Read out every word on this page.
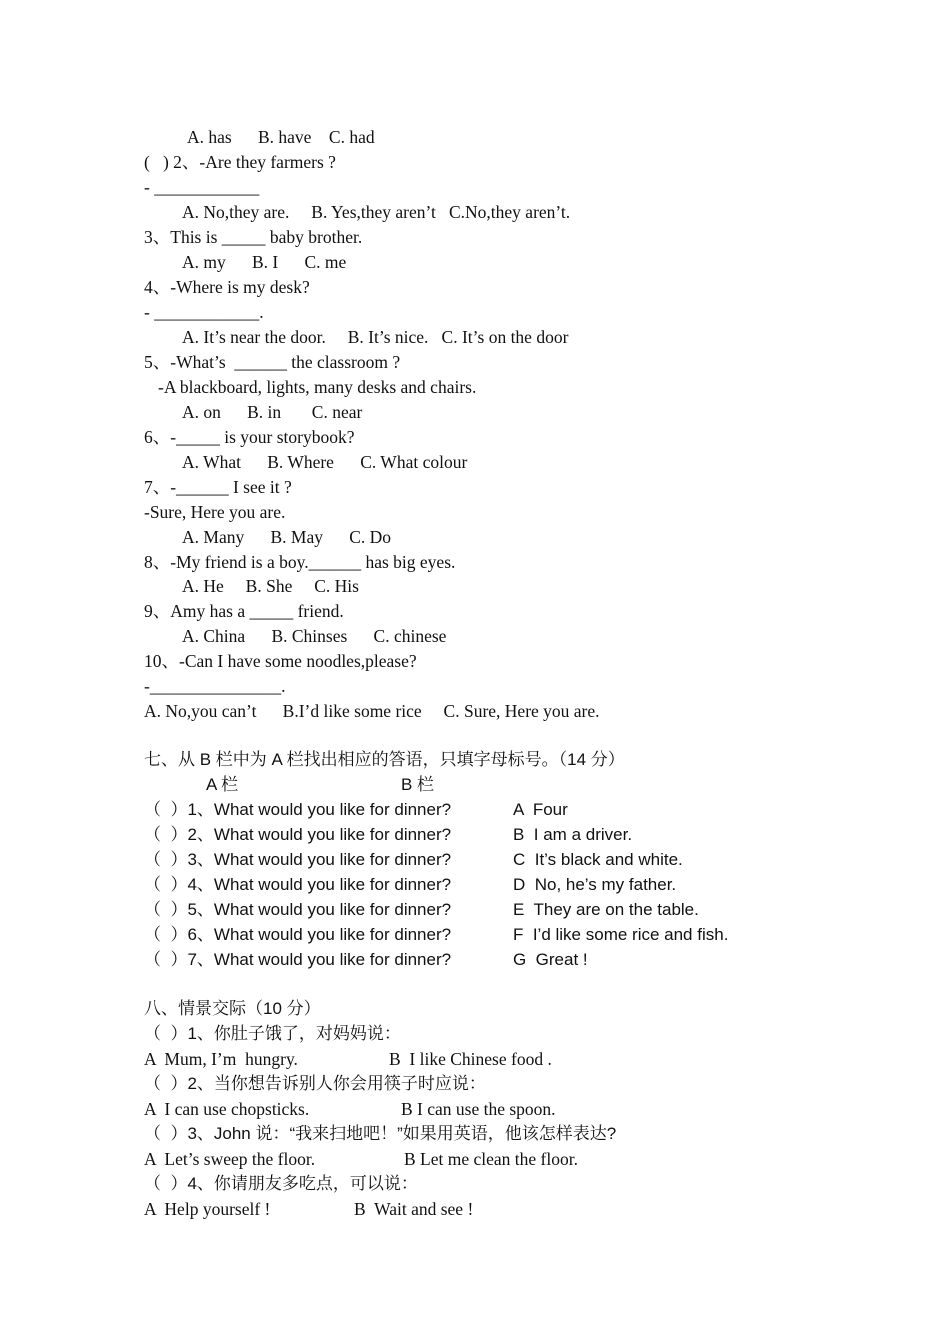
A. has      B. have    C. had
(   ) 2、-Are they farmers ?
- ____________
A. No,they are.     B. Yes,they aren’t   C.No,they aren’t.
3、This is _____ baby brother.
A. my      B. I      C. me
4、-Where is my desk?
- ____________.
A. It’s near the door.     B. It’s nice.   C. It’s on the door
5、-What’s  ______ the classroom ?
-A blackboard, lights, many desks and chairs.
A. on      B. in       C. near
6、-_____ is your storybook?
A. What      B. Where      C. What colour
7、-______ I see it ?
-Sure, Here you are.
A. Many      B. May      C. Do
8、-My friend is a boy.______ has big eyes.
A. He     B. She     C. His
9、Amy has a _____ friend.
A. China      B. Chinses      C. chinese
10、-Can I have some noodles,please?
-_______________.
A. No,you can’t      B.I’d like some rice     C. Sure, Here you are.
七、从 B 栏中为 A 栏找出相应的答语，只填字母标号。（14 分）
A 栏	B 栏
（  ）1、What would you like for dinner?	A  Four
（  ）2、What would you like for dinner?	B  I am a driver.
（  ）3、What would you like for dinner?	C  It’s black and white.
（  ）4、What would you like for dinner?	D  No, he’s my father.
（  ）5、What would you like for dinner?	E  They are on the table.
（  ）6、What would you like for dinner?	F  I’d like some rice and fish.
（  ）7、What would you like for dinner?	G  Great !
八、情景交际（10 分）
（  ）1、你肚子饿了，对妈妈说：
A  Mum, I’m  hungry.	B  I like Chinese food .
（  ）2、当你想告诉别人你会用筷子时应说：
A  I can use chopsticks.	B I can use the spoon.
（  ）3、John 说：“我来扫地吧！”如果用英语，他该怎样表达?
A  Let’s sweep the floor.	B Let me clean the floor.
（  ）4、你请朋友多吃点，可以说：
A  Help yourself !	B  Wait and see !
